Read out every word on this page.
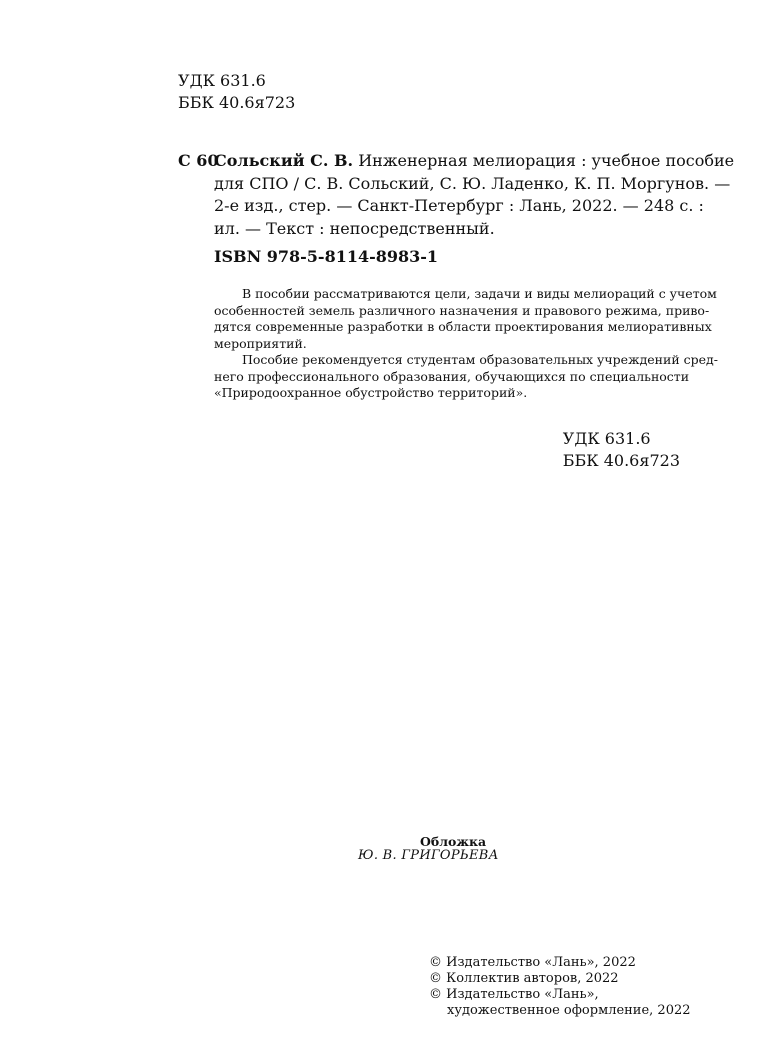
УДК 631.6
ББК 40.6я723
С 60
Сольский С. В. Инженерная мелиорация : учебное пособие
для СПО / С. В. Сольский, С. Ю. Ладенко, К. П. Моргунов. —
2-е изд., стер. — Санкт-Петербург : Лань, 2022. — 248 с. :
ил. — Текст : непосредственный.
ISBN 978-5-8114-8983-1
В пособии рассматриваются цели, задачи и виды мелиораций с учетом
особенностей земель различного назначения и правового режима, приво-
дятся современные разработки в области проектирования мелиоративных
мероприятий.
Пособие рекомендуется студентам образовательных учреждений сред-
него профессионального образования, обучающихся по специальности
«Природоохранное обустройство территорий».
УДК 631.6
ББК 40.6я723
Обложка
Ю. В. ГРИГОРЬЕВА
© Издательство «Лань», 2022
© Коллектив авторов, 2022
© Издательство «Лань»,
художественное оформление, 2022
